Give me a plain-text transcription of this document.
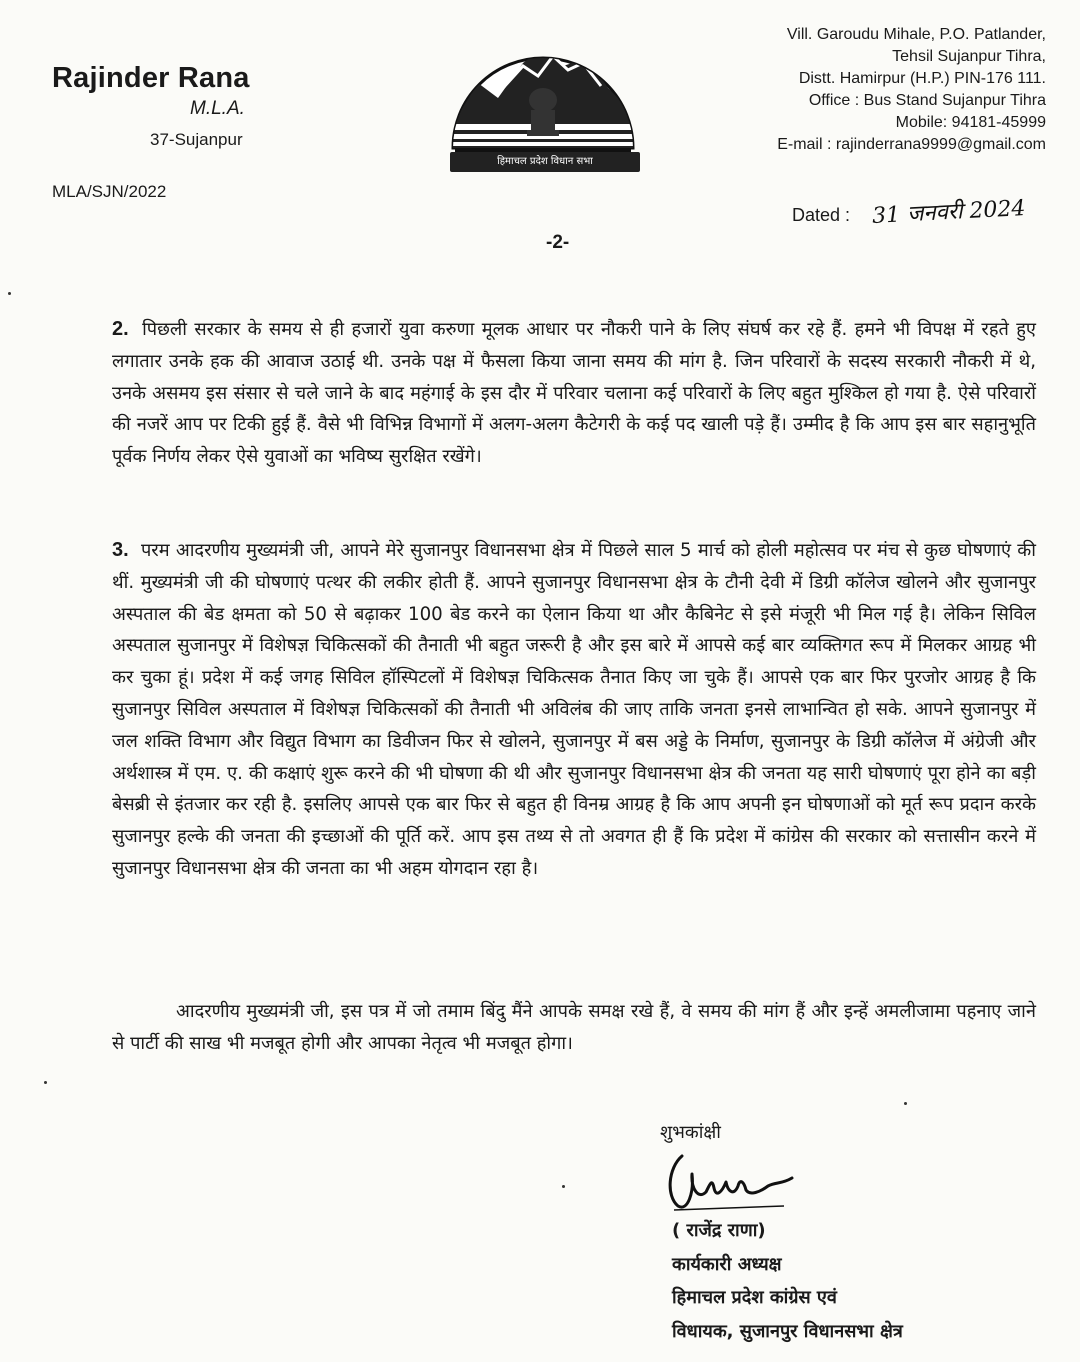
Rajinder Rana
M.L.A.
37-Sujanpur
MLA/SJN/2022
हिमाचल प्रदेश विधान सभा
Vill. Garoudu Mihale, P.O. Patlander,
Tehsil Sujanpur Tihra,
Distt. Hamirpur (H.P.) PIN-176 111.
Office : Bus Stand Sujanpur Tihra
Mobile: 94181-45999
E-mail : rajinderrana9999@gmail.com
Dated : 31 जनवरी 2024
-2-
2. पिछली सरकार के समय से ही हजारों युवा करुणा मूलक आधार पर नौकरी पाने के लिए संघर्ष कर रहे हैं. हमने भी विपक्ष में रहते हुए लगातार उनके हक की आवाज उठाई थी. उनके पक्ष में फैसला किया जाना समय की मांग है. जिन परिवारों के सदस्य सरकारी नौकरी में थे, उनके असमय इस संसार से चले जाने के बाद महंगाई के इस दौर में परिवार चलाना कई परिवारों के लिए बहुत मुश्किल हो गया है. ऐसे परिवारों की नजरें आप पर टिकी हुई हैं. वैसे भी विभिन्न विभागों में अलग-अलग कैटेगरी के कई पद खाली पड़े हैं। उम्मीद है कि आप इस बार सहानुभूति पूर्वक निर्णय लेकर ऐसे युवाओं का भविष्य सुरक्षित रखेंगे।
3. परम आदरणीय मुख्यमंत्री जी, आपने मेरे सुजानपुर विधानसभा क्षेत्र में पिछले साल 5 मार्च को होली महोत्सव पर मंच से कुछ घोषणाएं की थीं. मुख्यमंत्री जी की घोषणाएं पत्थर की लकीर होती हैं. आपने सुजानपुर विधानसभा क्षेत्र के टौनी देवी में डिग्री कॉलेज खोलने और सुजानपुर अस्पताल की बेड क्षमता को 50 से बढ़ाकर 100 बेड करने का ऐलान किया था और कैबिनेट से इसे मंजूरी भी मिल गई है। लेकिन सिविल अस्पताल सुजानपुर में विशेषज्ञ चिकित्सकों की तैनाती भी बहुत जरूरी है और इस बारे में आपसे कई बार व्यक्तिगत रूप में मिलकर आग्रह भी कर चुका हूं। प्रदेश में कई जगह सिविल हॉस्पिटलों में विशेषज्ञ चिकित्सक तैनात किए जा चुके हैं। आपसे एक बार फिर पुरजोर आग्रह है कि सुजानपुर सिविल अस्पताल में विशेषज्ञ चिकित्सकों की तैनाती भी अविलंब की जाए ताकि जनता इनसे लाभान्वित हो सके. आपने सुजानपुर में जल शक्ति विभाग और विद्युत विभाग का डिवीजन फिर से खोलने, सुजानपुर में बस अड्डे के निर्माण, सुजानपुर के डिग्री कॉलेज में अंग्रेजी और अर्थशास्त्र में एम. ए. की कक्षाएं शुरू करने की भी घोषणा की थी और सुजानपुर विधानसभा क्षेत्र की जनता यह सारी घोषणाएं पूरा होने का बड़ी बेसब्री से इंतजार कर रही है. इसलिए आपसे एक बार फिर से बहुत ही विनम्र आग्रह है कि आप अपनी इन घोषणाओं को मूर्त रूप प्रदान करके सुजानपुर हल्के की जनता की इच्छाओं की पूर्ति करें. आप इस तथ्य से तो अवगत ही हैं कि प्रदेश में कांग्रेस की सरकार को सत्तासीन करने में सुजानपुर विधानसभा क्षेत्र की जनता का भी अहम योगदान रहा है।
आदरणीय मुख्यमंत्री जी, इस पत्र में जो तमाम बिंदु मैंने आपके समक्ष रखे हैं, वे समय की मांग हैं और इन्हें अमलीजामा पहनाए जाने से पार्टी की साख भी मजबूत होगी और आपका नेतृत्व भी मजबूत होगा।
शुभकांक्षी
( राजेंद्र राणा)
कार्यकारी अध्यक्ष
हिमाचल प्रदेश कांग्रेस एवं
विधायक, सुजानपुर विधानसभा क्षेत्र
